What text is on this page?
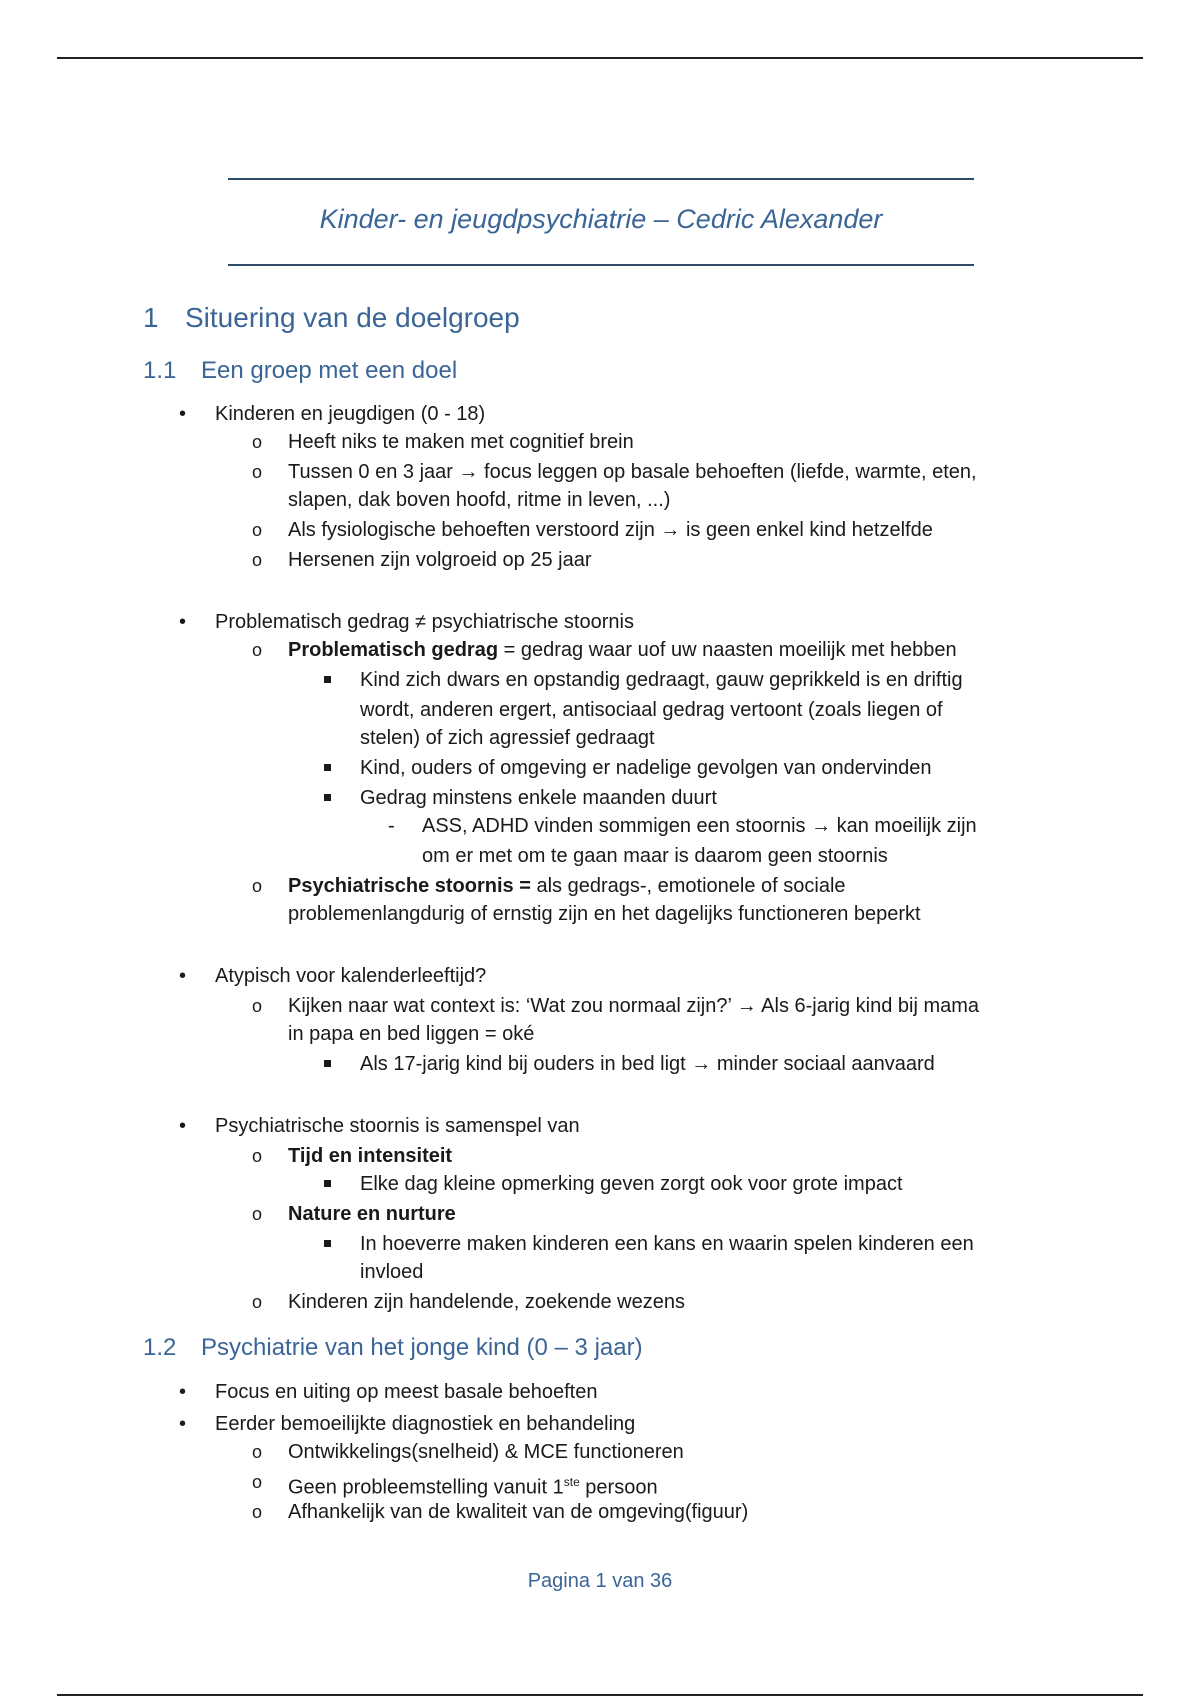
Kinder- en jeugdpsychiatrie – Cedric Alexander
1 Situering van de doelgroep
1.1 Een groep met een doel
• Kinderen en jeugdigen (0 - 18)
o Heeft niks te maken met cognitief brein
o Tussen 0 en 3 jaar → focus leggen op basale behoeften (liefde, warmte, eten,
slapen, dak boven hoofd, ritme in leven, ...)
o Als fysiologische behoeften verstoord zijn → is geen enkel kind hetzelfde
o Hersenen zijn volgroeid op 25 jaar
• Problematisch gedrag ≠ psychiatrische stoornis
o Problematisch gedrag = gedrag waar uof uw naasten moeilijk met hebben
Kind zich dwars en opstandig gedraagt, gauw geprikkeld is en driftig
wordt, anderen ergert, antisociaal gedrag vertoont (zoals liegen of
stelen) of zich agressief gedraagt
Kind, ouders of omgeving er nadelige gevolgen van ondervinden
Gedrag minstens enkele maanden duurt
- ASS, ADHD vinden sommigen een stoornis → kan moeilijk zijn
om er met om te gaan maar is daarom geen stoornis
o Psychiatrische stoornis = als gedrags-, emotionele of sociale
problemenlangdurig of ernstig zijn en het dagelijks functioneren beperkt
• Atypisch voor kalenderleeftijd?
o Kijken naar wat context is: ‘Wat zou normaal zijn?’ → Als 6-jarig kind bij mama
in papa en bed liggen = oké
Als 17-jarig kind bij ouders in bed ligt → minder sociaal aanvaard
• Psychiatrische stoornis is samenspel van
o Tijd en intensiteit
Elke dag kleine opmerking geven zorgt ook voor grote impact
o Nature en nurture
In hoeverre maken kinderen een kans en waarin spelen kinderen een
invloed
o Kinderen zijn handelende, zoekende wezens
1.2 Psychiatrie van het jonge kind (0 – 3 jaar)
• Focus en uiting op meest basale behoeften
• Eerder bemoeilijkte diagnostiek en behandeling
o Ontwikkelings(snelheid) & MCE functioneren
o Geen probleemstelling vanuit 1ste persoon
o Afhankelijk van de kwaliteit van de omgeving(figuur)
Pagina 1 van 36
